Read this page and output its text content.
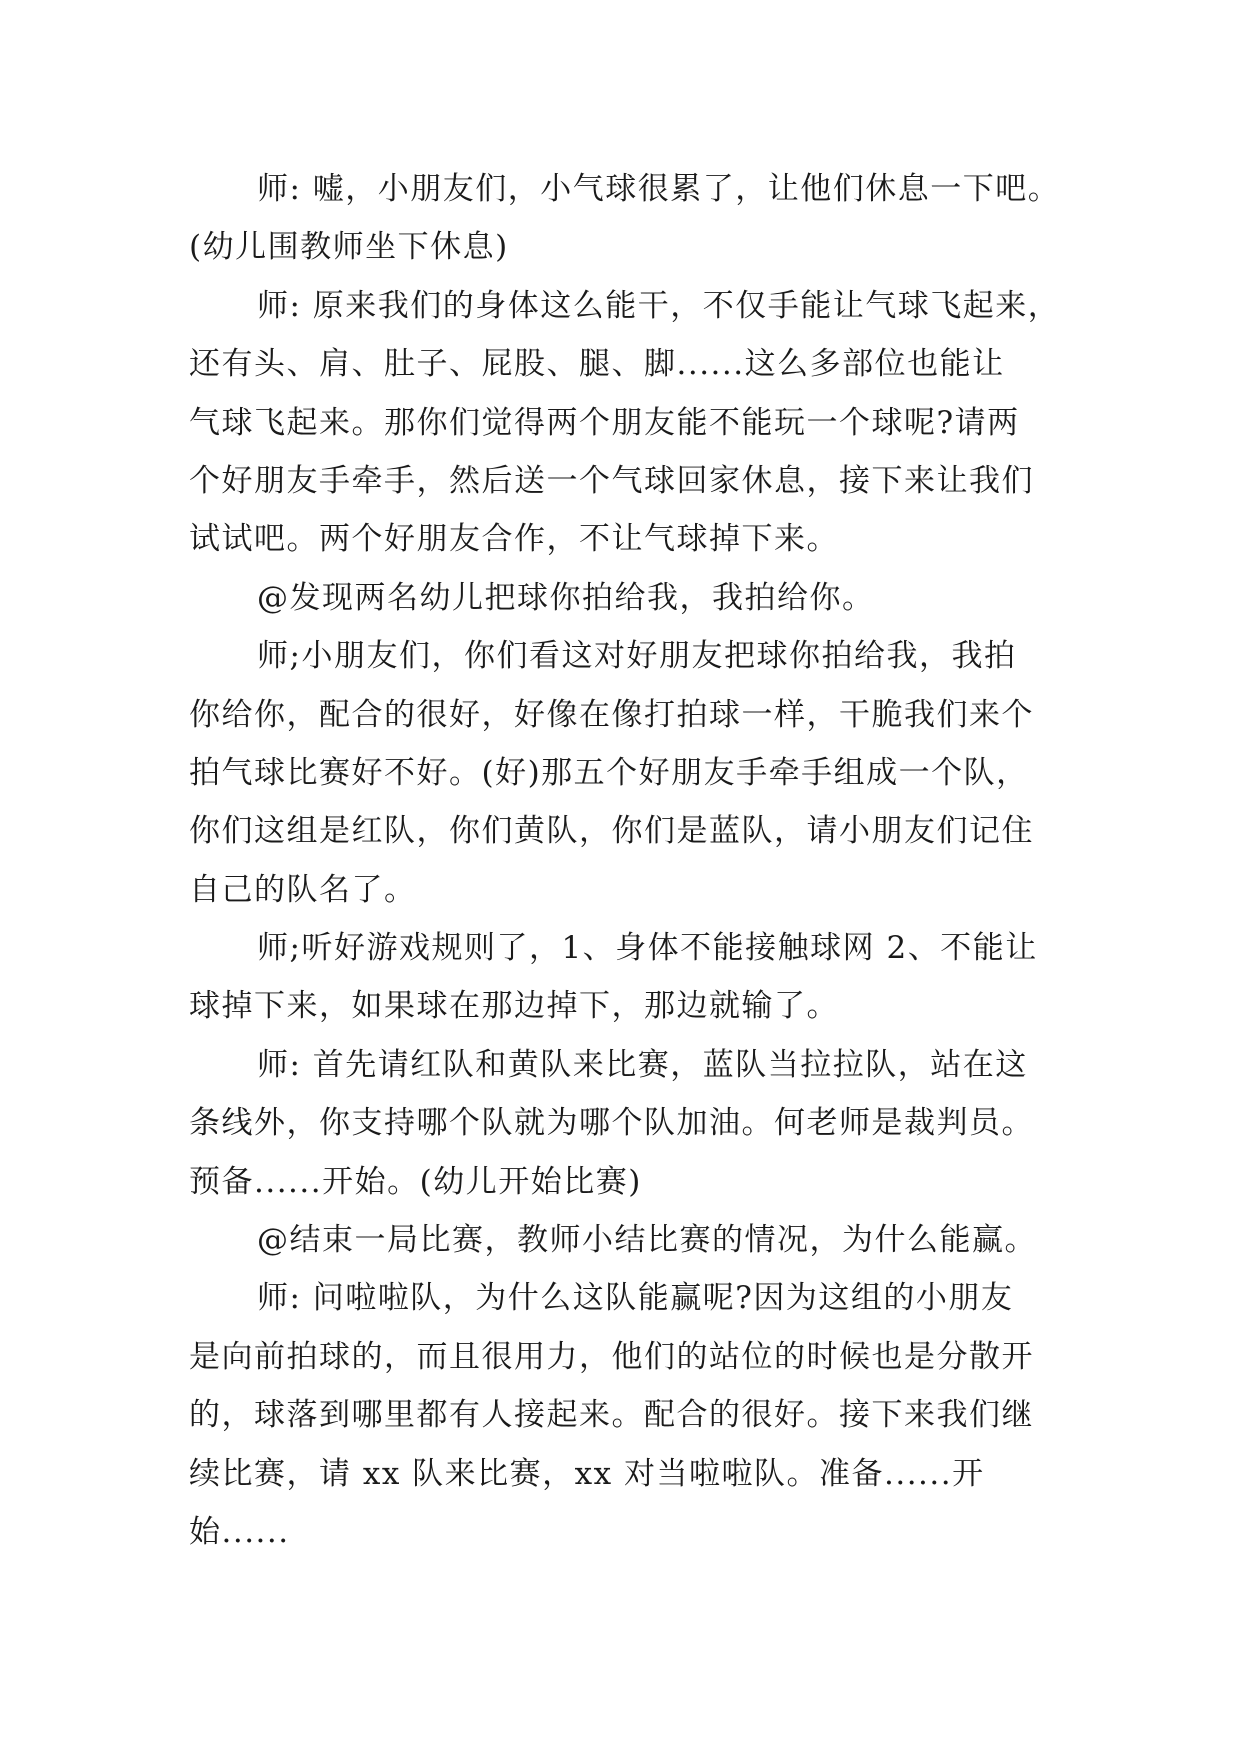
师: 嘘，小朋友们，小气球很累了，让他们休息一下吧。
(幼儿围教师坐下休息)
师: 原来我们的身体这么能干，不仅手能让气球飞起来，
还有头、肩、肚子、屁股、腿、脚......这么多部位也能让
气球飞起来。那你们觉得两个朋友能不能玩一个球呢?请两
个好朋友手牵手，然后送一个气球回家休息，接下来让我们
试试吧。两个好朋友合作，不让气球掉下来。
@发现两名幼儿把球你拍给我，我拍给你。
师;小朋友们，你们看这对好朋友把球你拍给我，我拍
你给你，配合的很好，好像在像打拍球一样，干脆我们来个
拍气球比赛好不好。(好)那五个好朋友手牵手组成一个队，
你们这组是红队，你们黄队，你们是蓝队，请小朋友们记住
自己的队名了。
师;听好游戏规则了，1、身体不能接触球网 2、不能让
球掉下来，如果球在那边掉下，那边就输了。
师: 首先请红队和黄队来比赛，蓝队当拉拉队，站在这
条线外，你支持哪个队就为哪个队加油。何老师是裁判员。
预备......开始。(幼儿开始比赛)
@结束一局比赛，教师小结比赛的情况，为什么能赢。
师: 问啦啦队，为什么这队能赢呢?因为这组的小朋友
是向前拍球的，而且很用力，他们的站位的时候也是分散开
的，球落到哪里都有人接起来。配合的很好。接下来我们继
续比赛，请 xx 队来比赛，xx 对当啦啦队。准备......开
始......
